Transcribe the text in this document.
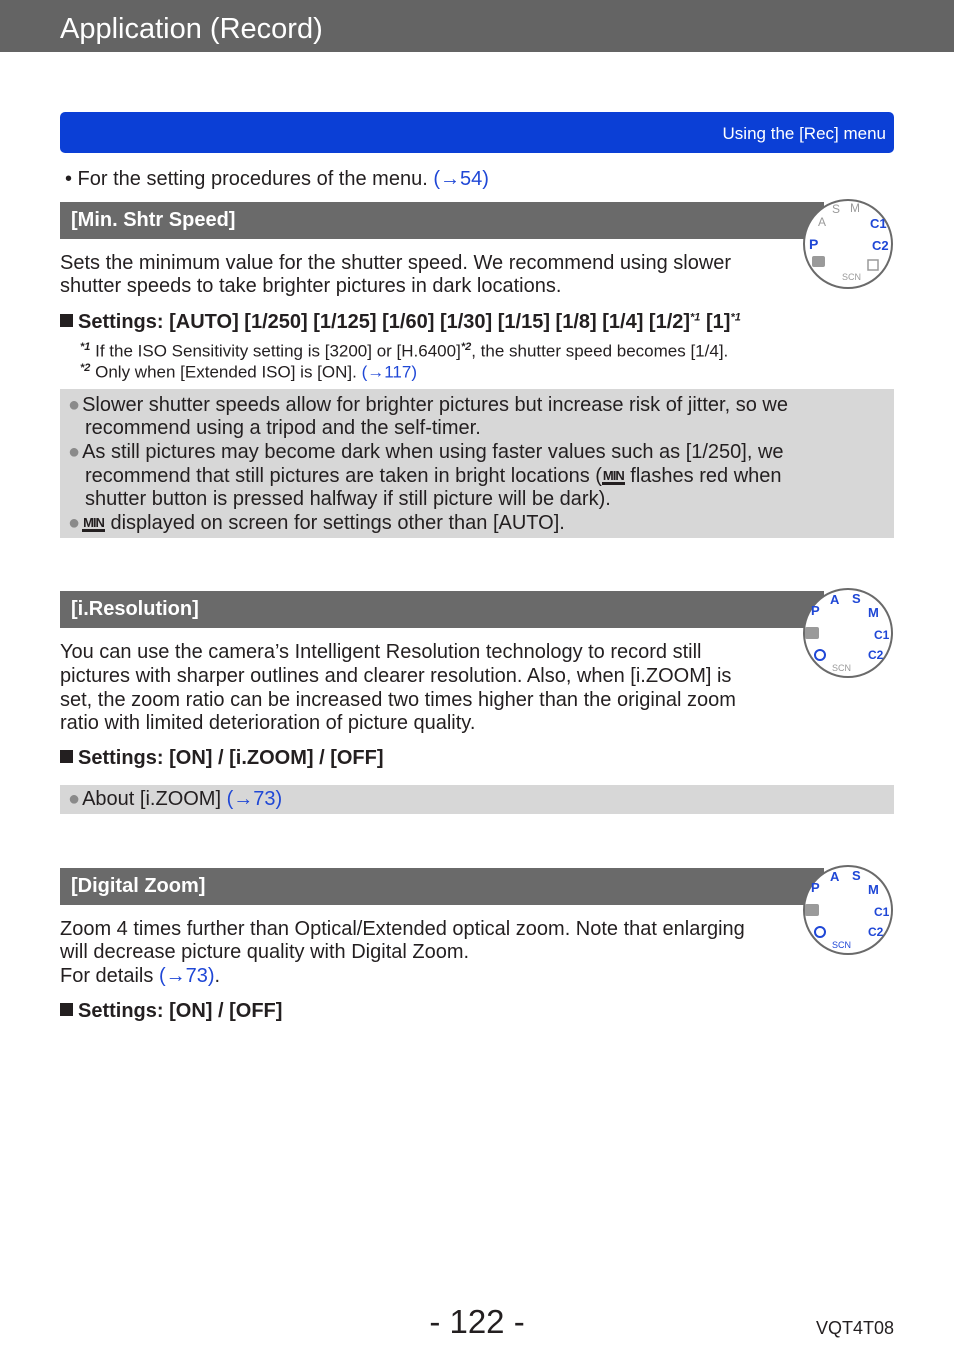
Application (Record)
Using the [Rec] menu

• For the setting procedures of the menu. (→54)

[Min. Shtr Speed]
P
A
S M
C1
C2
SCN

Sets the minimum value for the shutter speed. We recommend using slower

shutter speeds to take brighter pictures in dark locations.

Settings: [AUTO] [1/250] [1/125] [1/60] [1/30] [1/15] [1/8] [1/4] $[1/2]^{*1}$ $[1]^{*1}$
$^{*1}$ If the ISO Sensitivity setting is [3200] or $[H.6400]^{*2}$, the shutter speed becomes [1/4].
$^{*2}$ Only when [Extended ISO] is [ON]. (→117)
● Slower shutter speeds allow for brighter pictures but increase risk of jitter, so we
recommend using a tripod and the self-timer.
● As still pictures may become dark when using faster values such as [1/250], we
recommend that still pictures are taken in bright locations (MIN flashes red when
shutter button is pressed halfway if still picture will be dark).
● MIN displayed on screen for settings other than [AUTO].
[i.Resolution]	P
A S
M
C1
C2
SCN

You can use the camera’s Intelligent Resolution technology to record still

pictures with sharper outlines and clearer resolution. Also, when [i.ZOOM] is

set, the zoom ratio can be increased two times higher than the original zoom

ratio with limited deterioration of picture quality.

Settings: [ON] / [i.ZOOM] / [OFF]
● About [i.ZOOM] (→73)
[Digital Zoom]	P
A S
M
C1
C2
SCN

Zoom 4 times further than Optical/Extended optical zoom. Note that enlarging

will decrease picture quality with Digital Zoom.

For details (→73).

Settings: [ON] / [OFF]
- 122 -	VQT4T08
